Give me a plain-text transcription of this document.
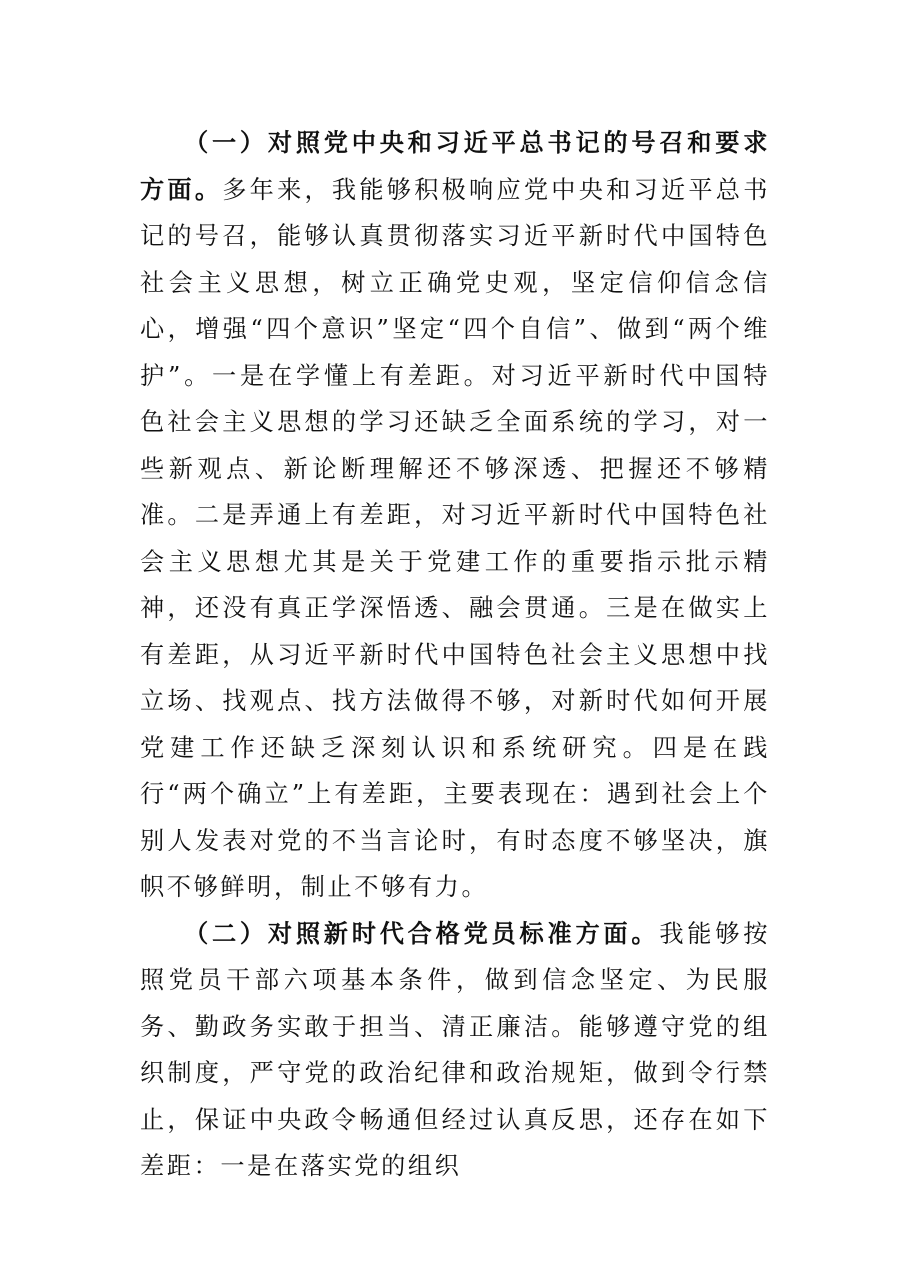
（一）对照党中央和习近平总书记的号召和要求方面。多年来，我能够积极响应党中央和习近平总书记的号召，能够认真贯彻落实习近平新时代中国特色社会主义思想，树立正确党史观，坚定信仰信念信心，增强“四个意识”坚定“四个自信”、做到“两个维护”。一是在学懂上有差距。对习近平新时代中国特色社会主义思想的学习还缺乏全面系统的学习，对一些新观点、新论断理解还不够深透、把握还不够精准。二是弄通上有差距，对习近平新时代中国特色社会主义思想尤其是关于党建工作的重要指示批示精神，还没有真正学深悟透、融会贯通。三是在做实上有差距，从习近平新时代中国特色社会主义思想中找立场、找观点、找方法做得不够，对新时代如何开展党建工作还缺乏深刻认识和系统研究。四是在践行“两个确立”上有差距，主要表现在：遇到社会上个别人发表对党的不当言论时，有时态度不够坚决，旗帜不够鲜明，制止不够有力。

（二）对照新时代合格党员标准方面。我能够按照党员干部六项基本条件，做到信念坚定、为民服务、勤政务实敢于担当、清正廉洁。能够遵守党的组织制度，严守党的政治纪律和政治规矩，做到令行禁止，保证中央政令畅通但经过认真反思，还存在如下差距：一是在落实党的组织
